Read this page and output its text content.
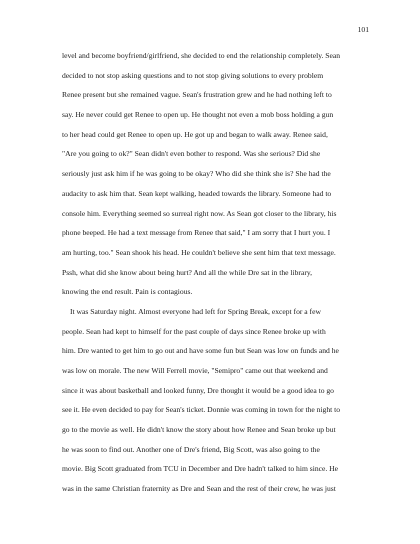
101
level and become boyfriend/girlfriend, she decided to end the relationship completely. Sean
decided to not stop asking questions and to not stop giving solutions to every problem
Renee present but she remained vague. Sean's frustration grew and he had nothing left to
say. He never could get Renee to open up. He thought not even a mob boss holding a gun
to her head could get Renee to open up. He got up and began to walk away. Renee said,
"Are you going to ok?" Sean didn't even bother to respond. Was she serious? Did she
seriously just ask him if he was going to be okay? Who did she think she is? She had the
audacity to ask him that. Sean kept walking, headed towards the library. Someone had to
console him. Everything seemed so surreal right now. As Sean got closer to the library, his
phone beeped. He had a text message from Renee that said," I am sorry that I hurt you. I
am hurting, too." Sean shook his head. He couldn't believe she sent him that text message.
Pssh, what did she know about being hurt? And all the while Dre sat in the library,
knowing the end result. Pain is contagious.
It was Saturday night. Almost everyone had left for Spring Break, except for a few
people. Sean had kept to himself for the past couple of days since Renee broke up with
him. Dre wanted to get him to go out and have some fun but Sean was low on funds and he
was low on morale. The new Will Ferrell movie, "Semipro" came out that weekend and
since it was about basketball and looked funny, Dre thought it would be a good idea to go
see it. He even decided to pay for Sean's ticket. Donnie was coming in town for the night to
go to the movie as well. He didn't know the story about how Renee and Sean broke up but
he was soon to find out. Another one of Dre's friend, Big Scott, was also going to the
movie. Big Scott graduated from TCU in December and Dre hadn't talked to him since. He
was in the same Christian fraternity as Dre and Sean and the rest of their crew, he was just
